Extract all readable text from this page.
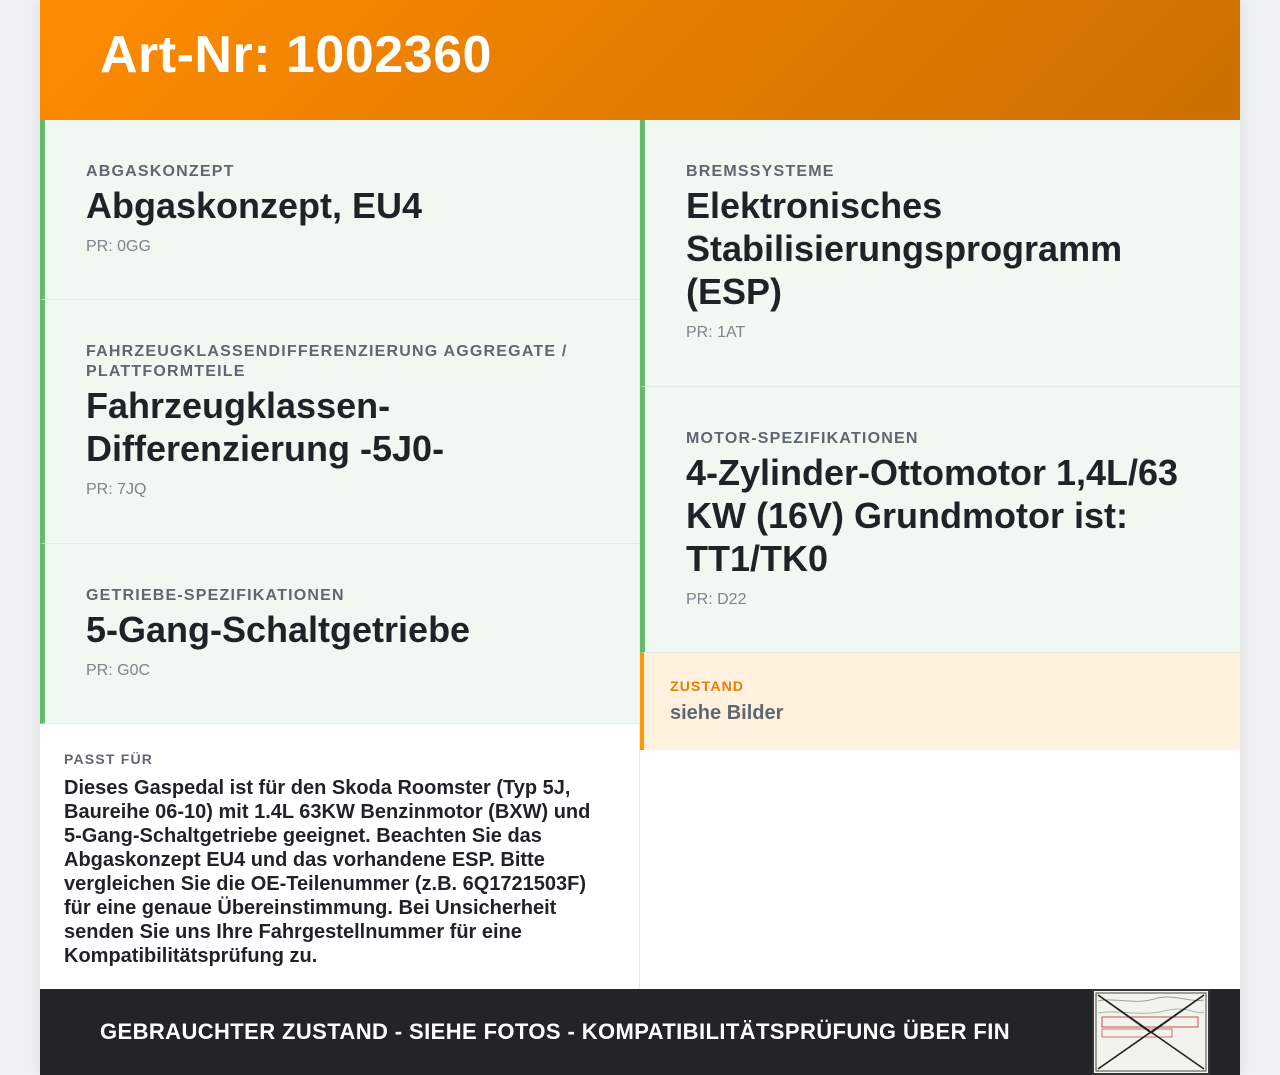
Art-Nr: 1002360
ABGASKONZEPT
Abgaskonzept, EU4
PR: 0GG
FAHRZEUGKLASSENDIFFERENZIERUNG AGGREGATE / PLATTFORMTEILE
Fahrzeugklassen-Differenzierung -5J0-
PR: 7JQ
GETRIEBE-SPEZIFIKATIONEN
5-Gang-Schaltgetriebe
PR: G0C
PASST FÜR
Dieses Gaspedal ist für den Skoda Roomster (Typ 5J, Baureihe 06-10) mit 1.4L 63KW Benzinmotor (BXW) und 5-Gang-Schaltgetriebe geeignet. Beachten Sie das Abgaskonzept EU4 und das vorhandene ESP. Bitte vergleichen Sie die OE-Teilenummer (z.B. 6Q1721503F) für eine genaue Übereinstimmung. Bei Unsicherheit senden Sie uns Ihre Fahrgestellnummer für eine Kompatibilitätsprüfung zu.
BREMSSYSTEME
Elektronisches Stabilisierungsprogramm (ESP)
PR: 1AT
MOTOR-SPEZIFIKATIONEN
4-Zylinder-Ottomotor 1,4L/63 KW (16V) Grundmotor ist: TT1/TK0
PR: D22
ZUSTAND
siehe Bilder
GEBRAUCHTER ZUSTAND - SIEHE FOTOS - KOMPATIBILITÄTSPRÜFUNG ÜBER FIN
